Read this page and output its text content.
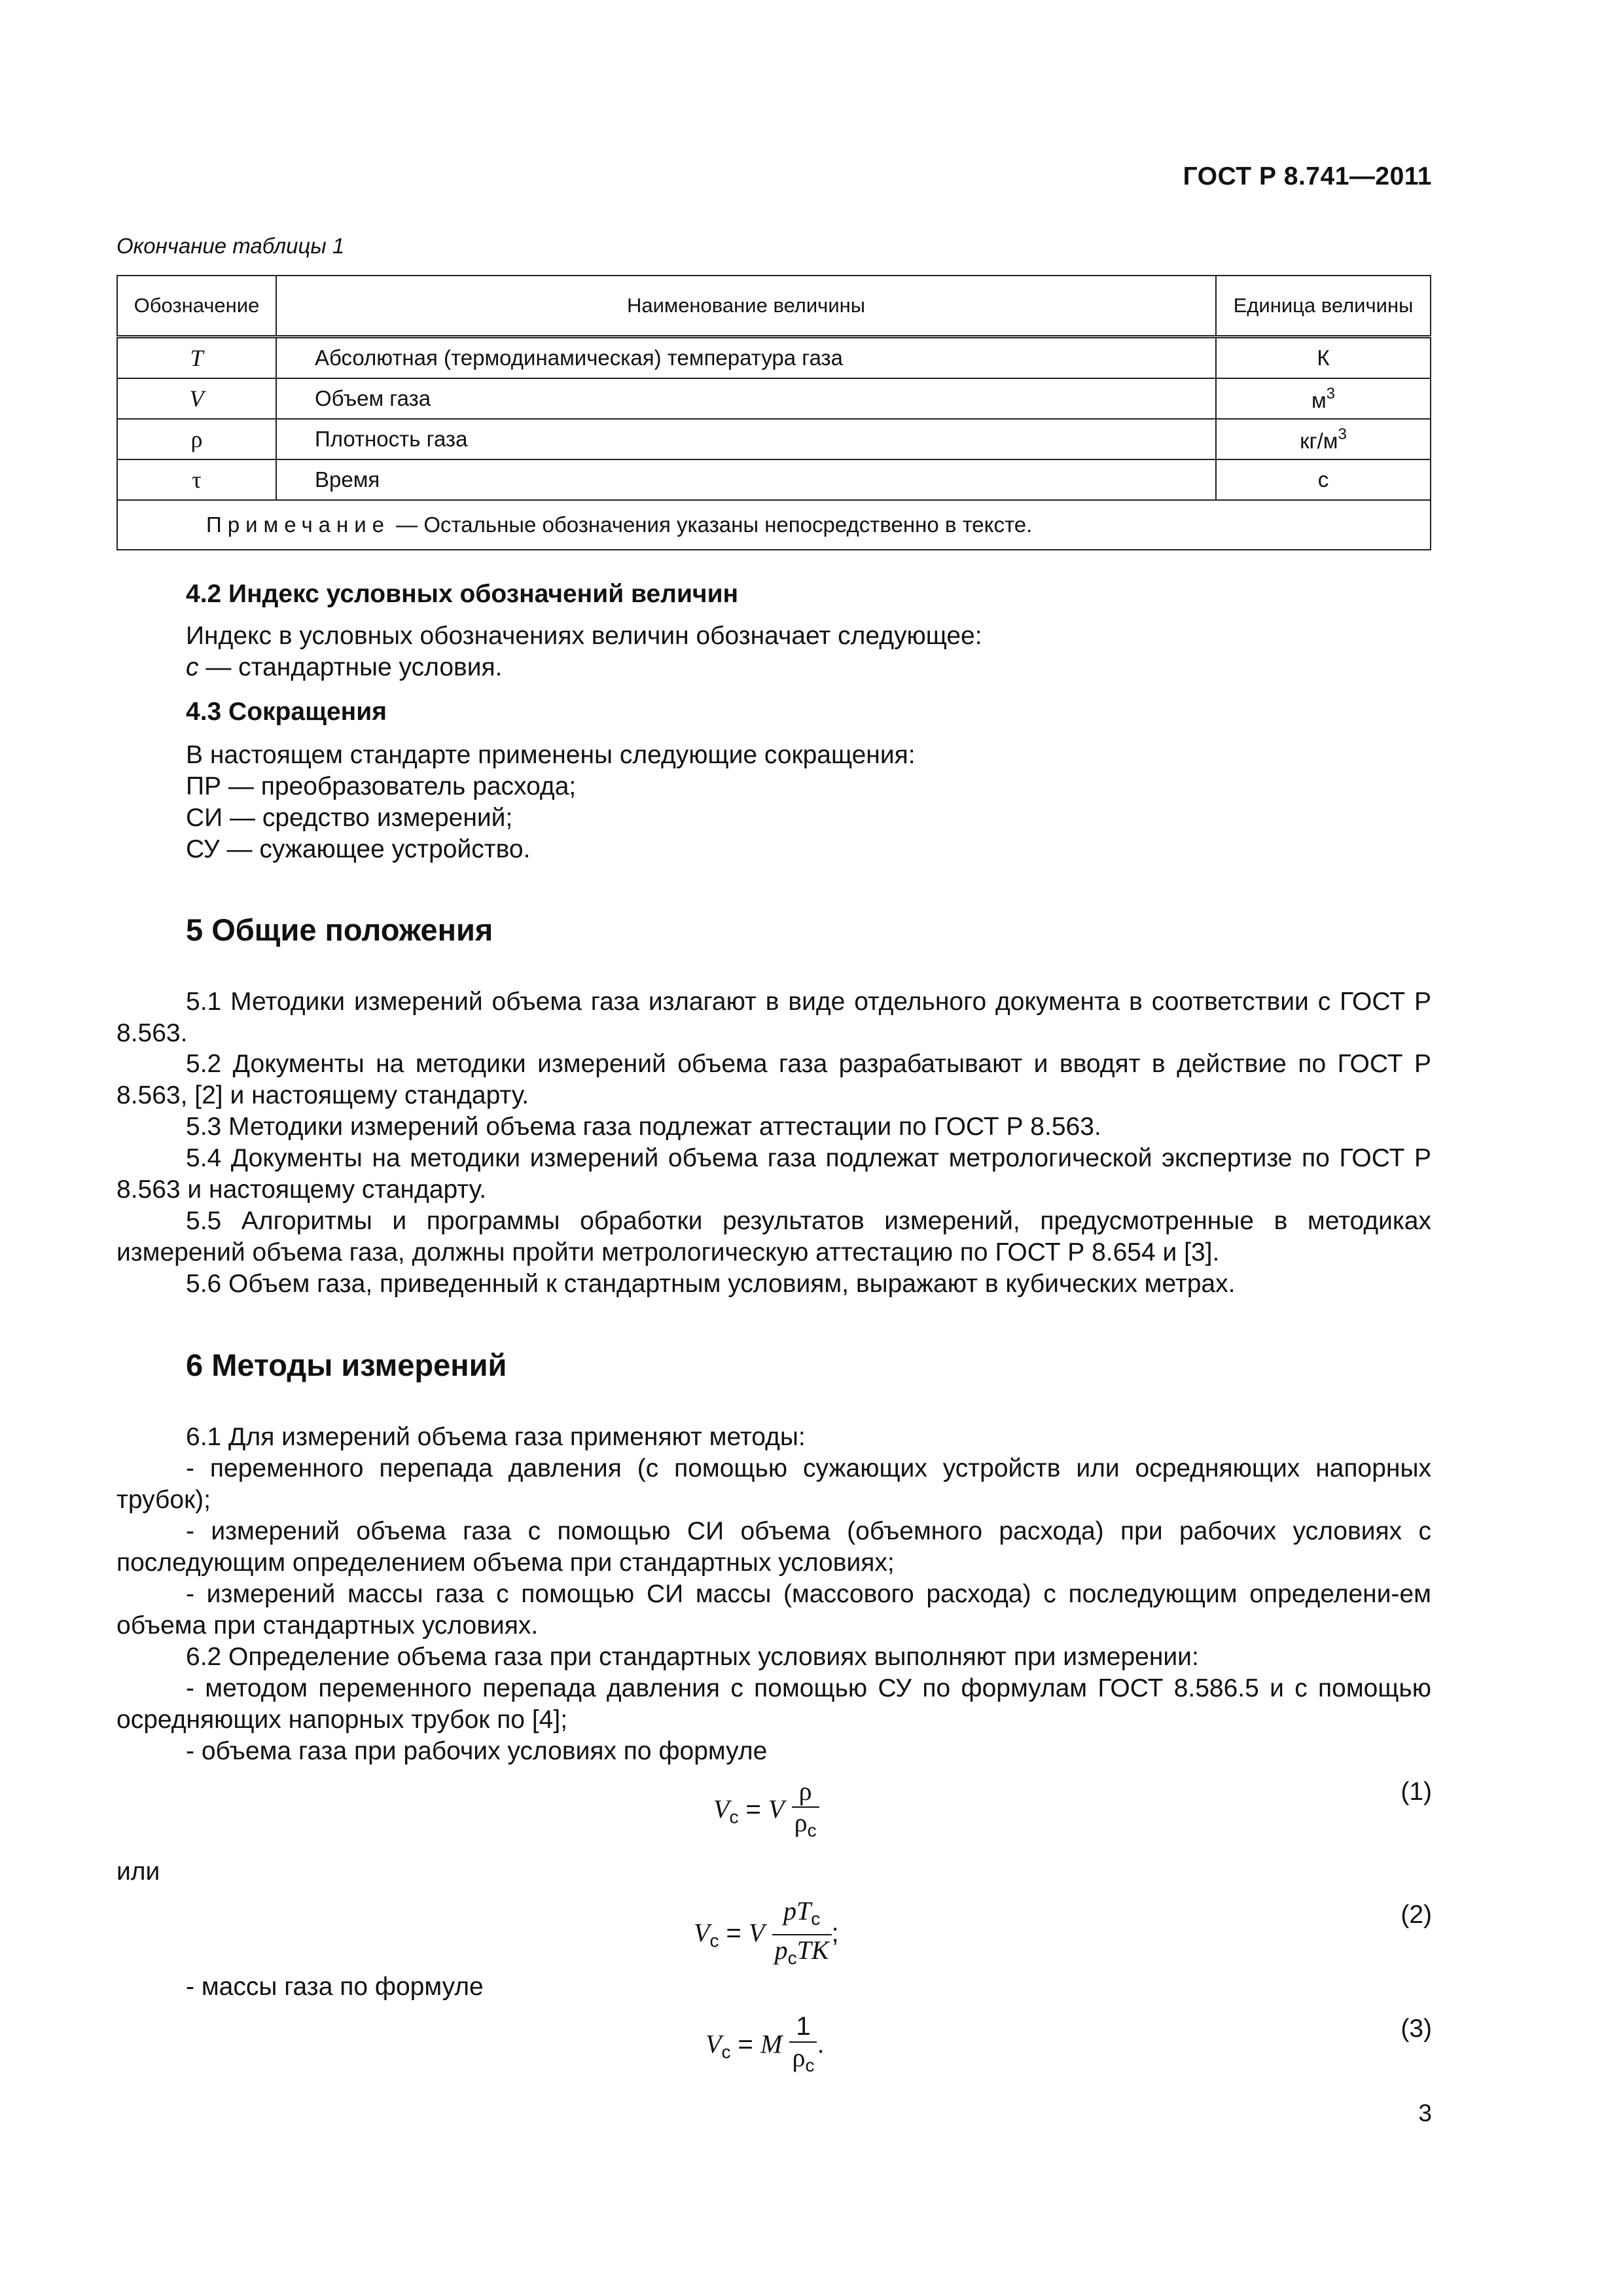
ГОСТ Р 8.741—2011
Окончание таблицы 1
Обозначение	Наименование величины	Единица величины
T	Абсолютная (термодинамическая) температура газа	К
V	Объем газа	$м^3$
ρ	Плотность газа	$кг/м^3$
τ	Время	с
Примечание — Остальные обозначения указаны непосредственно в тексте.		
4.2 Индекс условных обозначений величин
Индекс в условных обозначениях величин обозначает следующее:
с — стандартные условия.
4.3 Сокращения
В настоящем стандарте применены следующие сокращения:
ПР — преобразователь расхода;
СИ — средство измерений;
СУ — сужающее устройство.
5 Общие положения
5.1 Методики измерений объема газа излагают в виде отдельного документа в соответствии с ГОСТ Р 8.563.
5.2 Документы на методики измерений объема газа разрабатывают и вводят в действие по ГОСТ Р 8.563, [2] и настоящему стандарту.
5.3 Методики измерений объема газа подлежат аттестации по ГОСТ Р 8.563.
5.4 Документы на методики измерений объема газа подлежат метрологической экспертизе по ГОСТ Р 8.563 и настоящему стандарту.
5.5 Алгоритмы и программы обработки результатов измерений, предусмотренные в методиках измерений объема газа, должны пройти метрологическую аттестацию по ГОСТ Р 8.654 и [3].
5.6 Объем газа, приведенный к стандартным условиям, выражают в кубических метрах.
6 Методы измерений
6.1 Для измерений объема газа применяют методы:
- переменного перепада давления (с помощью сужающих устройств или осредняющих напорных трубок);
- измерений объема газа с помощью СИ объема (объемного расхода) при рабочих условиях с последующим определением объема при стандартных условиях;
- измерений массы газа с помощью СИ массы (массового расхода) с последующим определени-ем объема при стандартных условиях.
6.2 Определение объема газа при стандартных условиях выполняют при измерении:
- методом переменного перепада давления с помощью СУ по формулам ГОСТ 8.586.5 и с помощью осредняющих напорных трубок по [4];
- объема газа при рабочих условиях по формуле
$V_с = V \frac{\rho}{\rho_с}$	(1)
или
$V_с = V \frac{pT_с}{p_сTK}$ ;
(2)
- массы газа по формуле
$V_с = M \frac{1}{\rho_с}$ .
(3)
3
